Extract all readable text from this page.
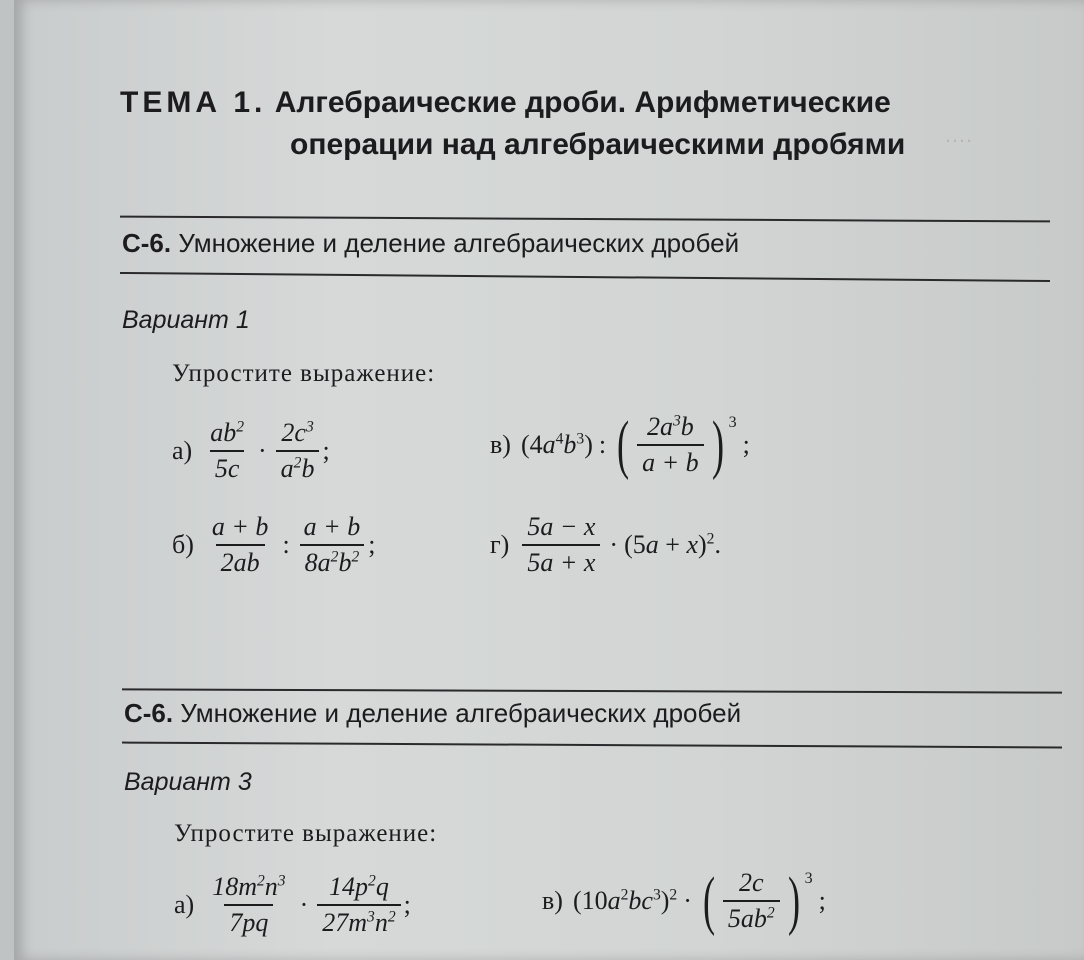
….
ТЕМА 1. Алгебраические дроби. Арифметические
операции над алгебраическими дробями
С-6. Умножение и деление алгебраических дробей
Вариант 1
Упростите выражение:
$а) \frac{ab^2}{5c} \cdot \frac{2c^3}{a^2b}$ ;	в) $(4a^4b^3)$ : ( $\frac{2a^3b}{a + b}$ ) 3
;
$б) \frac{a + b}{2ab}$ : $\frac{a + b}{8a^2b^2}$ ;	$г) \frac{5a - x}{5a + x} \cdot (5a + x)^2$.
С-6. Умножение и деление алгебраических дробей
Вариант 3
Упростите выражение:
$а) \frac{18m^2n^3}{7pq} \cdot \frac{14p^2q}{27m^3n^2}$ ;	в) $(10a^2bc^3)^2$ · ( $\frac{2c}{5ab^2}$ ) 3
;
